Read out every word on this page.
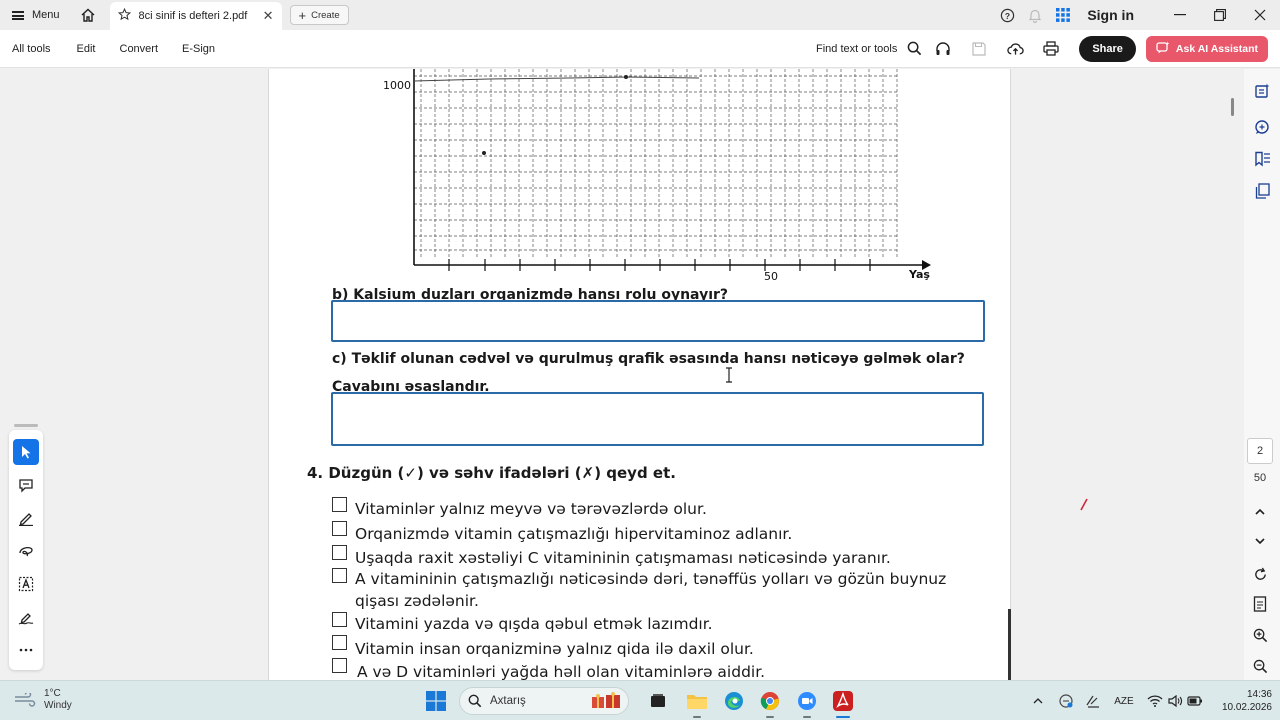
Menu	8ci sinif is defteri 2.pdf	✕ + Create	?	Sign in
All tools	Edit	Convert	E-Sign	Find text or tools	Share	Ask AI Assistant
1000
50	Yaş
b) Kalsium duzları orqanizmdə hansı rolu oynayır?
c) Təklif olunan cədvəl və qurulmuş qrafik əsasında hansı nəticəyə gəlmək olar?
Cavabını əsaslandır.
4. Düzgün (✓) və səhv ifadələri (✗) qeyd et.
Vitaminlər yalnız meyvə və tərəvəzlərdə olur.
Orqanizmdə vitamin çatışmazlığı hipervitaminoz adlanır.
Uşaqda raxit xəstəliyi C vitamininin çatışmaması nəticəsində yaranır.
A vitamininin çatışmazlığı nəticəsində dəri, tənəffüs yolları və gözün buynuz
qişası zədələnir.
Vitamini yazda və qışda qəbul etmək lazımdır.
Vitamin insan orqanizminə yalnız qida ilə daxil olur.
A və D vitaminləri yağda həll olan vitaminlərə aiddir.
2
50
1°C
Windy	Axtarış	AZE
14:36
10.02.2026
